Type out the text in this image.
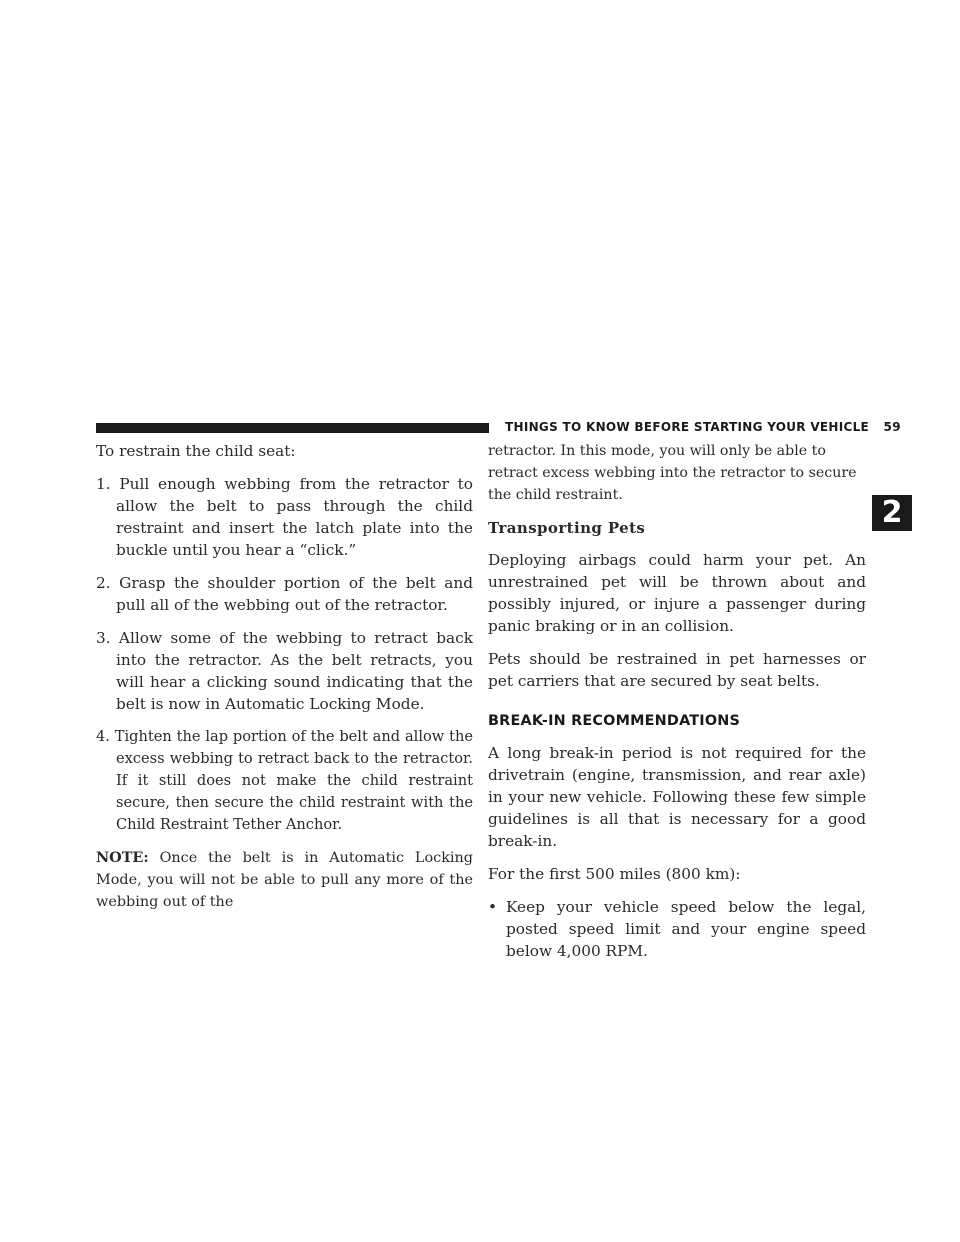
THINGS TO KNOW BEFORE STARTING YOUR VEHICLE 59
2

To restrain the child seat:

1. Pull enough webbing from the retractor to allow the belt to pass through the child restraint and insert the latch plate into the buckle until you hear a “click.”

2. Grasp the shoulder portion of the belt and pull all of the webbing out of the retractor.

3. Allow some of the webbing to retract back into the retractor. As the belt retracts, you will hear a clicking sound indicating that the belt is now in Automatic Locking Mode.

4. Tighten the lap portion of the belt and allow the excess webbing to retract back to the retractor. If it still does not make the child restraint secure, then secure the child restraint with the Child Restraint Tether Anchor.

NOTE: Once the belt is in Automatic Locking Mode, you will not be able to pull any more of the webbing out of the

retractor. In this mode, you will only be able to retract excess webbing into the retractor to secure the child restraint.

Transporting Pets

Deploying airbags could harm your pet. An unrestrained pet will be thrown about and possibly injured, or injure a passenger during panic braking or in an collision.

Pets should be restrained in pet harnesses or pet carriers that are secured by seat belts.

BREAK-IN RECOMMENDATIONS

A long break-in period is not required for the drivetrain (engine, transmission, and rear axle) in your new vehicle. Following these few simple guidelines is all that is necessary for a good break-in.

For the first 500 miles (800 km):

• Keep your vehicle speed below the legal, posted speed limit and your engine speed below 4,000 RPM.
